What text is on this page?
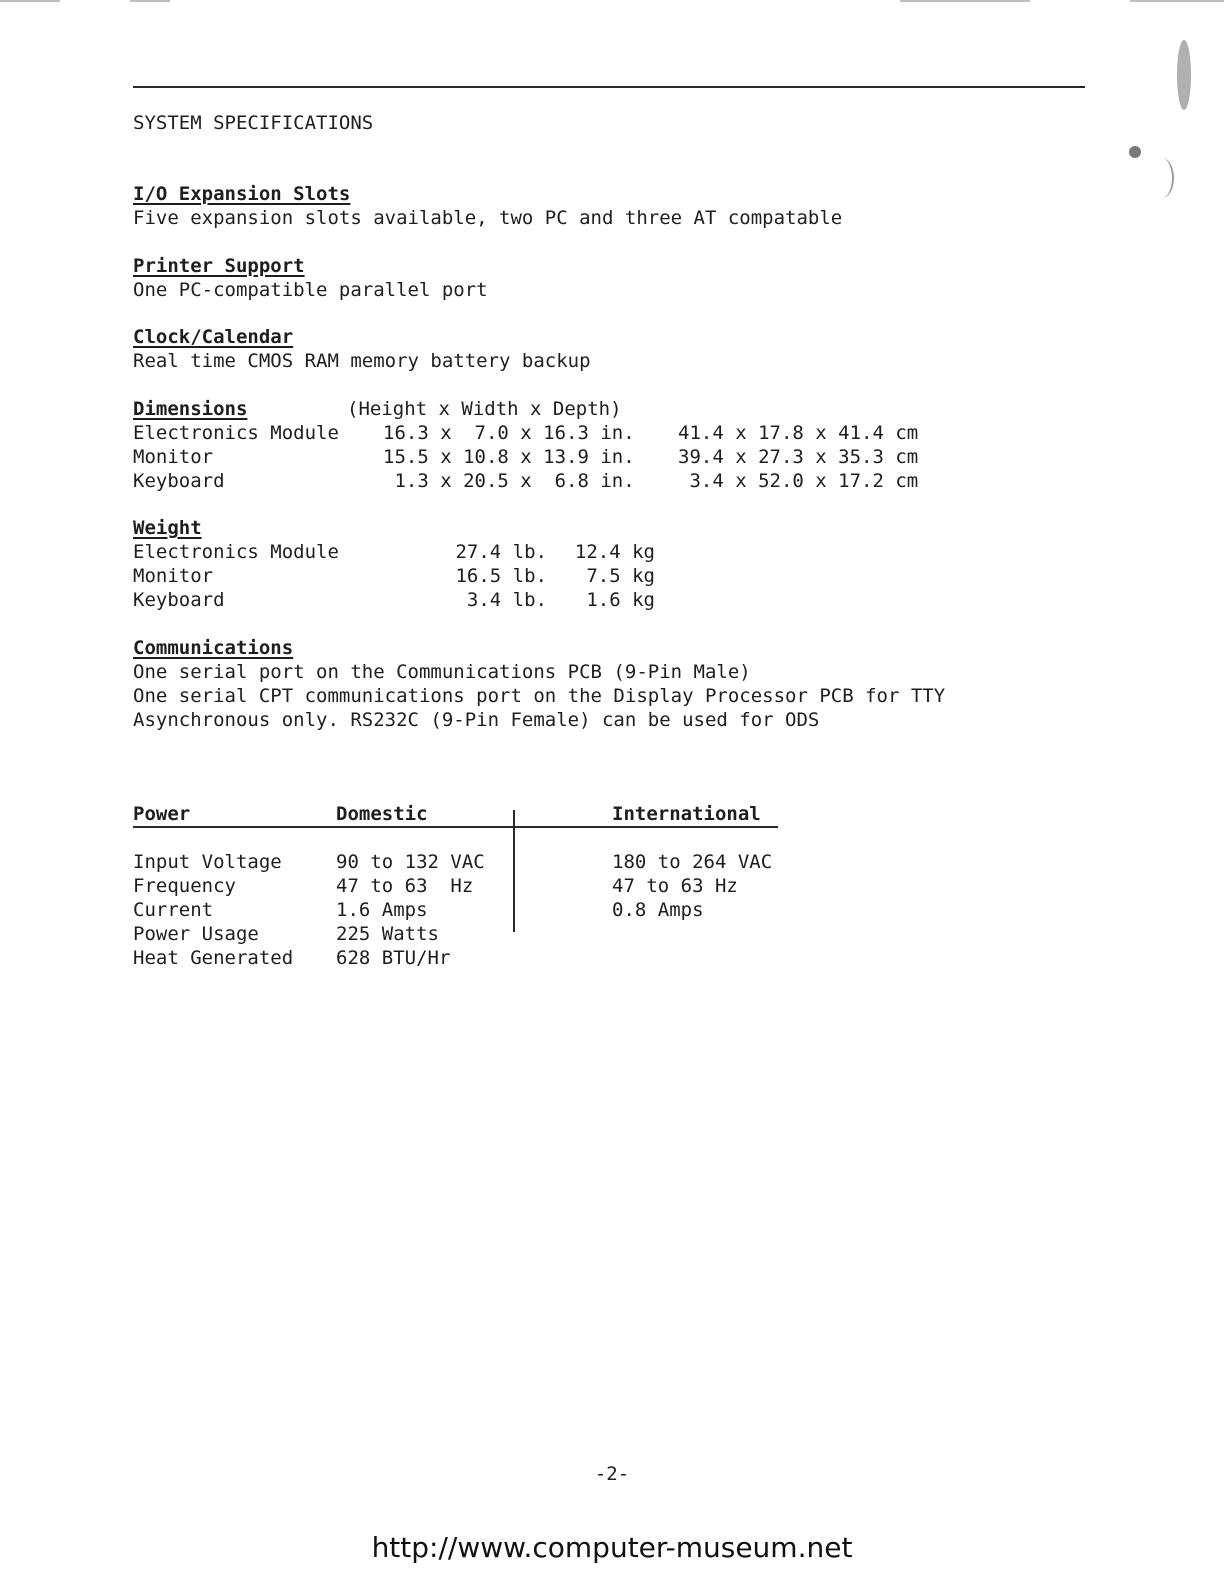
SYSTEM SPECIFICATIONS
I/O Expansion Slots
Five expansion slots available, two PC and three AT compatable
Printer Support
One PC-compatible parallel port
Clock/Calendar
Real time CMOS RAM memory battery backup
Dimensions	(Height x Width x Depth)
Electronics Module 16.3 x  7.0 x 16.3 in. 41.4 x 17.8 x 41.4 cm
Monitor	15.5 x 10.8 x 13.9 in. 39.4 x 27.3 x 35.3 cm
Keyboard	1.3 x 20.5 x  6.8 in. 3.4 x 52.0 x 17.2 cm
Weight
Electronics Module	27.4 lb.	12.4 kg
Monitor	16.5 lb.	7.5 kg
Keyboard	3.4 lb.	1.6 kg
Communications
One serial port on the Communications PCB (9-Pin Male)
One serial CPT communications port on the Display Processor PCB for TTY
Asynchronous only. RS232C (9-Pin Female) can be used for ODS
Power	Domestic	International
Input Voltage	90 to 132 VAC	180 to 264 VAC
Frequency	47 to 63  Hz	47 to 63 Hz
Current	1.6 Amps	0.8 Amps
Power Usage	225 Watts
Heat Generated 628 BTU/Hr
-2-
http://www.computer-museum.net
